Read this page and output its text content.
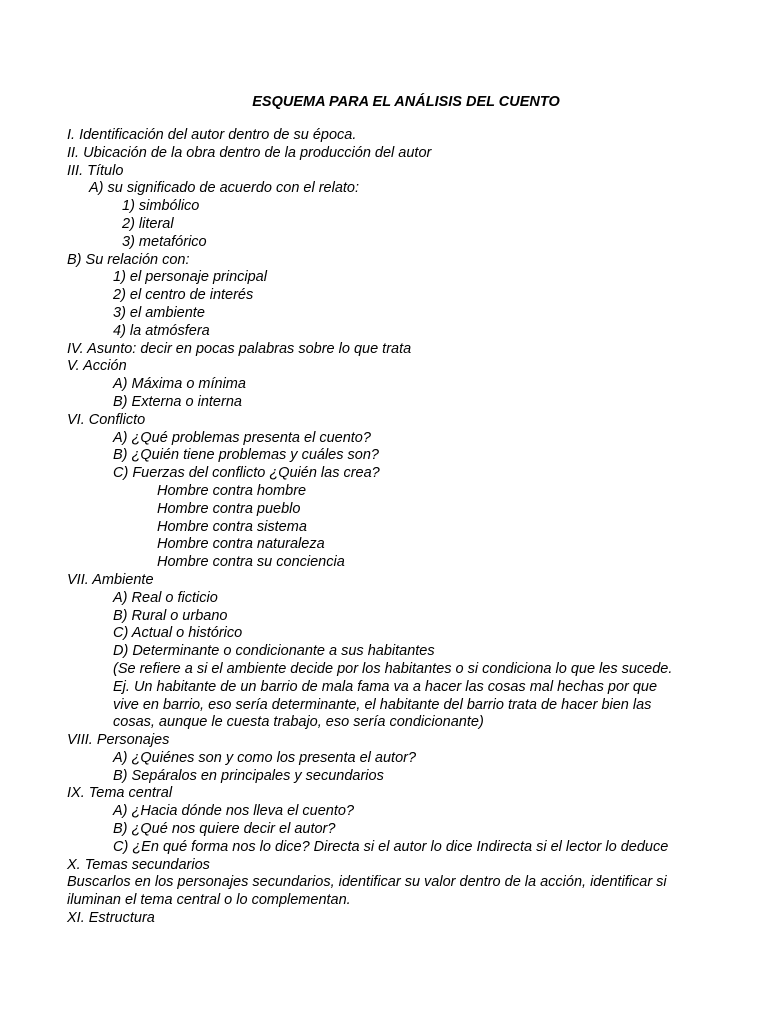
ESQUEMA PARA EL ANÁLISIS DEL CUENTO
I. Identificación del autor dentro de su época.
II. Ubicación de la obra dentro de la producción del autor
III. Título
A) su significado de acuerdo con el relato:
1) simbólico
2) literal
3) metafórico
B) Su relación con:
1) el personaje principal
2) el centro de interés
3) el ambiente
4) la atmósfera
IV. Asunto: decir en pocas palabras sobre lo que trata
V. Acción
A) Máxima o mínima
B) Externa o interna
VI. Conflicto
A) ¿Qué problemas presenta el cuento?
B) ¿Quién tiene problemas y cuáles son?
C) Fuerzas del conflicto ¿Quién las crea?
Hombre contra hombre
Hombre contra pueblo
Hombre contra sistema
Hombre contra naturaleza
Hombre contra su conciencia
VII. Ambiente
A) Real o ficticio
B) Rural o urbano
C) Actual o histórico
D) Determinante o condicionante a sus habitantes
(Se refiere a si el ambiente decide por los habitantes o si condiciona lo que les sucede.
Ej. Un habitante de un barrio de mala fama va a hacer las cosas mal hechas por que
vive en barrio, eso sería determinante, el habitante del barrio trata de hacer bien las
cosas, aunque le cuesta trabajo, eso sería condicionante)
VIII. Personajes
A) ¿Quiénes son y como los presenta el autor?
B) Sepáralos en principales y secundarios
IX. Tema central
A) ¿Hacia dónde nos lleva el cuento?
B) ¿Qué nos quiere decir el autor?
C) ¿En qué forma nos lo dice? Directa si el autor lo dice Indirecta si el lector lo deduce
X. Temas secundarios
Buscarlos en los personajes secundarios, identificar su valor dentro de la acción, identificar si
iluminan el tema central o lo complementan.
XI. Estructura
